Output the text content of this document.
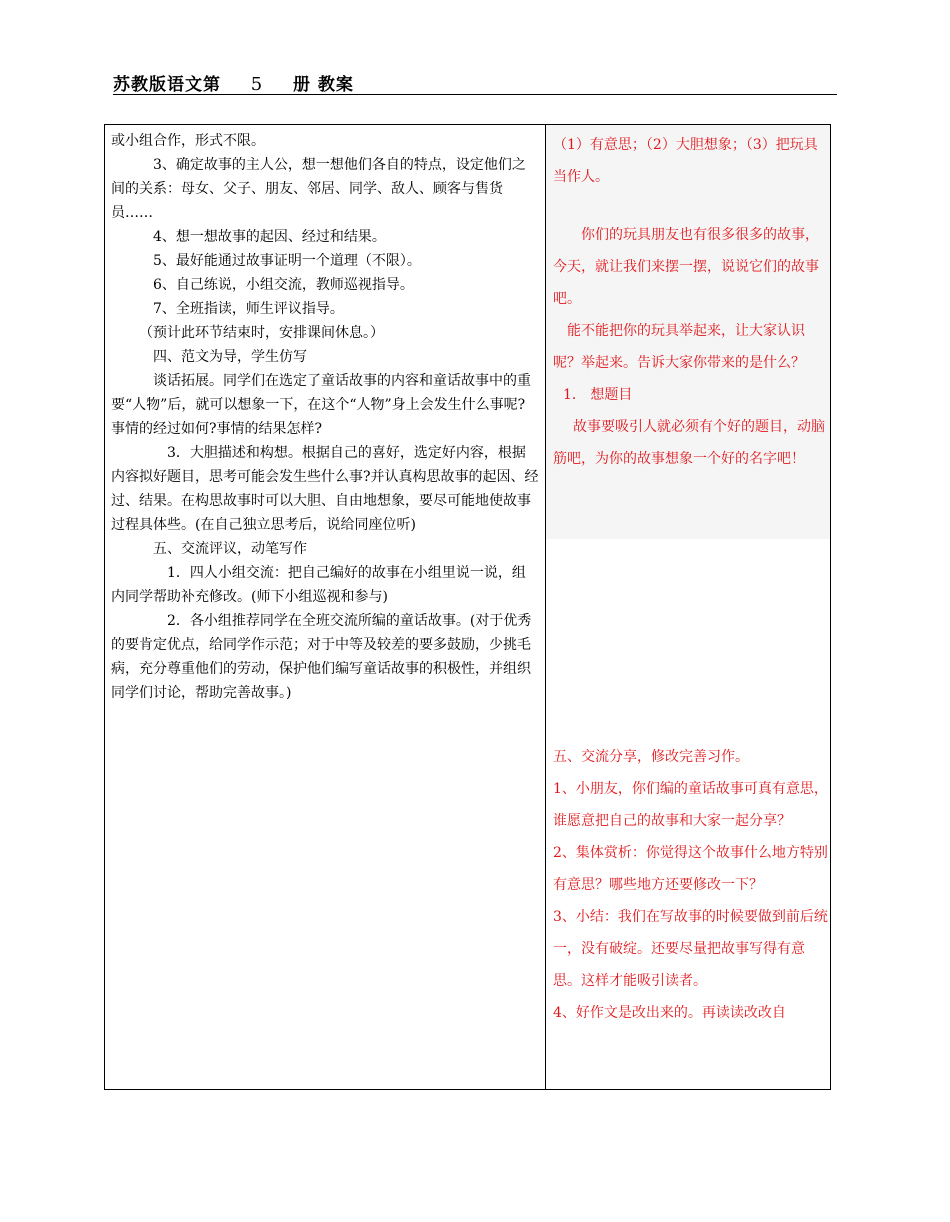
苏教版语文第 5 册 教案

或小组合作，形式不限。

3、确定故事的主人公，想一想他们各自的特点，设定他们之间的关系：母女、父子、朋友、邻居、同学、敌人、顾客与售货员……

4、想一想故事的起因、经过和结果。

5、最好能通过故事证明一个道理（不限）。

6、自己练说，小组交流，教师巡视指导。

7、全班指读，师生评议指导。

（预计此环节结束时，安排课间休息。）

四、范文为导，学生仿写

谈话拓展。同学们在选定了童话故事的内容和童话故事中的重要“人物”后，就可以想象一下，在这个“人物”身上会发生什么事呢?事情的经过如何?事情的结果怎样?

3．大胆描述和构想。根据自己的喜好，选定好内容，根据内容拟好题目，思考可能会发生些什么事?并认真构思故事的起因、经过、结果。在构思故事时可以大胆、自由地想象，要尽可能地使故事过程具体些。(在自己独立思考后，说给同座位听)

五、交流评议，动笔写作

1．四人小组交流：把自己编好的故事在小组里说一说，组内同学帮助补充修改。(师下小组巡视和参与)

2．各小组推荐同学在全班交流所编的童话故事。(对于优秀的要肯定优点，给同学作示范；对于中等及较差的要多鼓励，少挑毛病，充分尊重他们的劳动，保护他们编写童话故事的积极性，并组织同学们讨论，帮助完善故事。)

（1）有意思；（2）大胆想象；（3）把玩具当作人。

你们的玩具朋友也有很多很多的故事，今天，就让我们来摆一摆，说说它们的故事吧。

能不能把你的玩具举起来，让大家认识呢？举起来。告诉大家你带来的是什么？

1． 想题目

故事要吸引人就必须有个好的题目，动脑筋吧，为你的故事想象一个好的名字吧！

五、交流分享，修改完善习作。

1、小朋友，你们编的童话故事可真有意思，谁愿意把自己的故事和大家一起分享？

2、集体赏析：你觉得这个故事什么地方特别有意思？哪些地方还要修改一下？

3、小结：我们在写故事的时候要做到前后统一，没有破绽。还要尽量把故事写得有意思。这样才能吸引读者。

4、好作文是改出来的。再读读改改自
